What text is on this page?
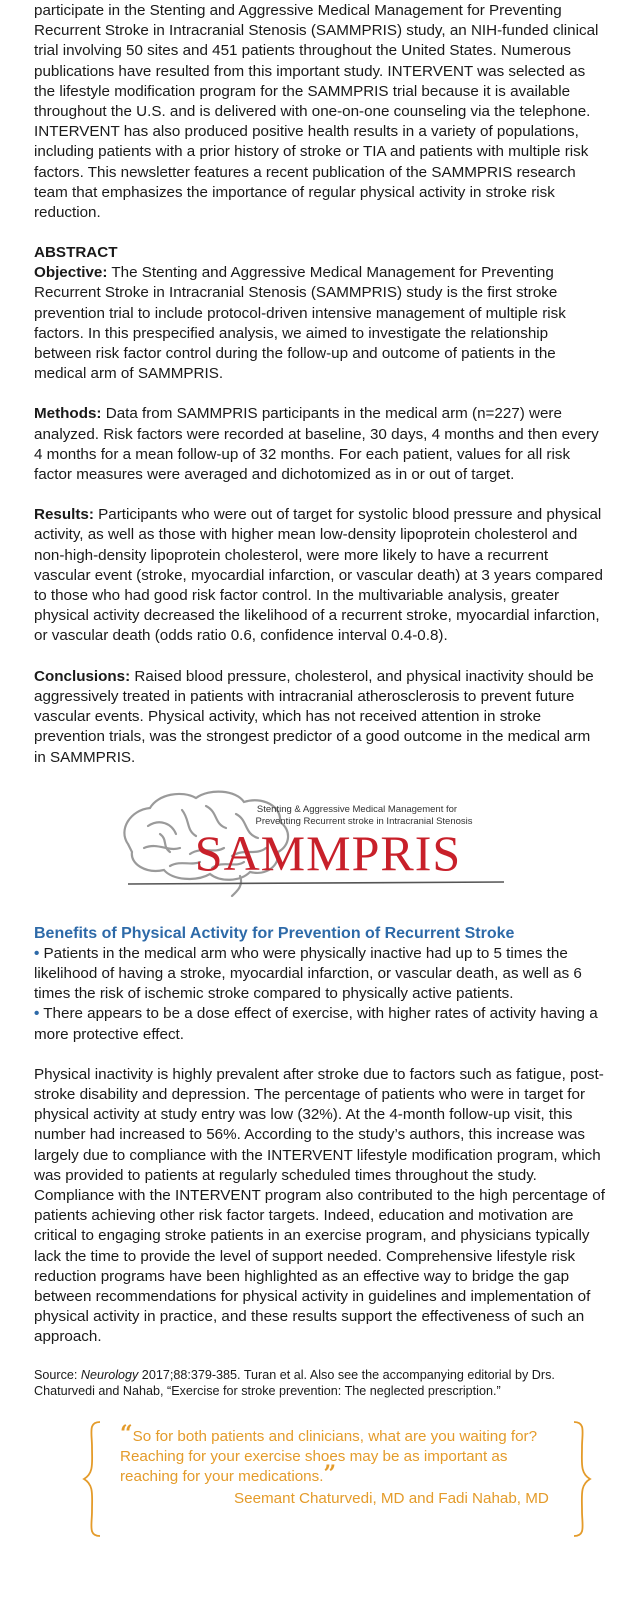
participate in the Stenting and Aggressive Medical Management for Preventing Recurrent Stroke in Intracranial Stenosis (SAMMPRIS) study, an NIH-funded clinical trial involving 50 sites and 451 patients throughout the United States. Numerous publications have resulted from this important study. INTERVENT was selected as the lifestyle modification program for the SAMMPRIS trial because it is available throughout the U.S. and is delivered with one-on-one counseling via the telephone. INTERVENT has also produced positive health results in a variety of populations, including patients with a prior history of stroke or TIA and patients with multiple risk factors. This newsletter features a recent publication of the SAMMPRIS research team that emphasizes the importance of regular physical activity in stroke risk reduction.

ABSTRACT

Objective: The Stenting and Aggressive Medical Management for Preventing Recurrent Stroke in Intracranial Stenosis (SAMMPRIS) study is the first stroke prevention trial to include protocol-driven intensive management of multiple risk factors. In this prespecified analysis, we aimed to investigate the relationship between risk factor control during the follow-up and outcome of patients in the medical arm of SAMMPRIS.

Methods: Data from SAMMPRIS participants in the medical arm (n=227) were analyzed. Risk factors were recorded at baseline, 30 days, 4 months and then every 4 months for a mean follow-up of 32 months. For each patient, values for all risk factor measures were averaged and dichotomized as in or out of target.

Results: Participants who were out of target for systolic blood pressure and physical activity, as well as those with higher mean low-density lipoprotein cholesterol and non-high-density lipoprotein cholesterol, were more likely to have a recurrent vascular event (stroke, myocardial infarction, or vascular death) at 3 years compared to those who had good risk factor control. In the multivariable analysis, greater physical activity decreased the likelihood of a recurrent stroke, myocardial infarction, or vascular death (odds ratio 0.6, confidence interval 0.4-0.8).

Conclusions: Raised blood pressure, cholesterol, and physical inactivity should be aggressively treated in patients with intracranial atherosclerosis to prevent future vascular events. Physical activity, which has not received attention in stroke prevention trials, was the strongest predictor of a good outcome in the medical arm in SAMMPRIS.

Stenting & Aggressive Medical Management for
Preventing Recurrent stroke in Intracranial Stenosis
SAMMPRIS
Benefits of Physical Activity for Prevention of Recurrent Stroke

• Patients in the medical arm who were physically inactive had up to 5 times the likelihood of having a stroke, myocardial infarction, or vascular death, as well as 6 times the risk of ischemic stroke compared to physically active patients.

• There appears to be a dose effect of exercise, with higher rates of activity having a more protective effect.

Physical inactivity is highly prevalent after stroke due to factors such as fatigue, post-stroke disability and depression. The percentage of patients who were in target for physical activity at study entry was low (32%). At the 4-month follow-up visit, this number had increased to 56%. According to the study’s authors, this increase was largely due to compliance with the INTERVENT lifestyle modification program, which was provided to patients at regularly scheduled times throughout the study. Compliance with the INTERVENT program also contributed to the high percentage of patients achieving other risk factor targets. Indeed, education and motivation are critical to engaging stroke patients in an exercise program, and physicians typically lack the time to provide the level of support needed. Comprehensive lifestyle risk reduction programs have been highlighted as an effective way to bridge the gap between recommendations for physical activity in guidelines and implementation of physical activity in practice, and these results support the effectiveness of such an approach.

Source: Neurology 2017;88:379-385. Turan et al. Also see the accompanying editorial by Drs. Chaturvedi and Nahab, “Exercise for stroke prevention: The neglected prescription.”

“So for both patients and clinicians, what are you waiting for? Reaching for your exercise shoes may be as important as reaching for your medications.”
Seemant Chaturvedi, MD and Fadi Nahab, MD
